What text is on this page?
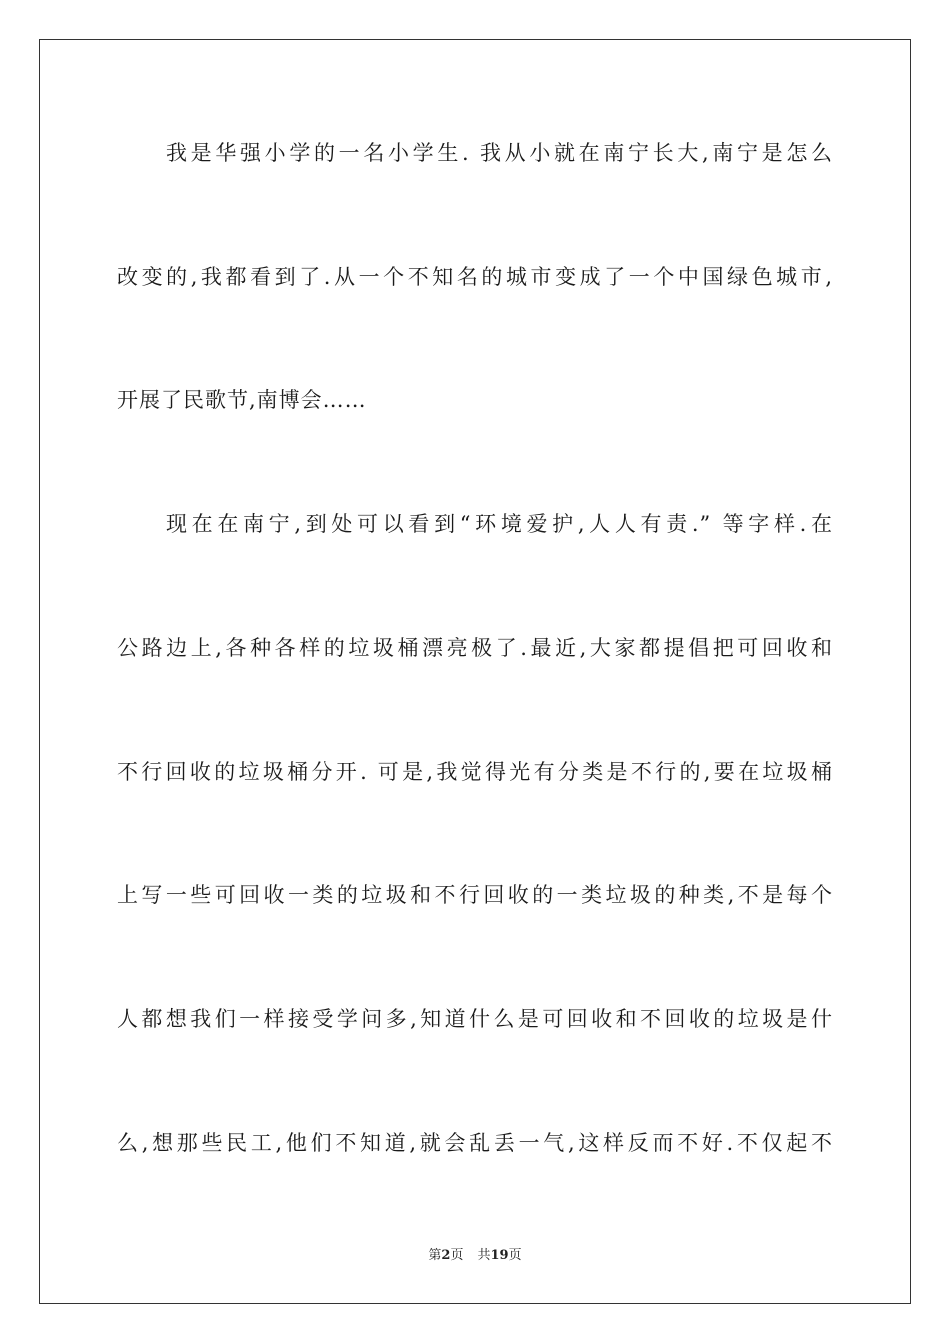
我是华强小学的一名小学生. 我从小就在南宁长大,南宁是怎么
改变的,我都看到了.从一个不知名的城市变成了一个中国绿色城市,
开展了民歌节,南博会……
现在在南宁,到处可以看到“环境爱护,人人有责.” 等字样.在
公路边上,各种各样的垃圾桶漂亮极了.最近,大家都提倡把可回收和
不行回收的垃圾桶分开. 可是,我觉得光有分类是不行的,要在垃圾桶
上写一些可回收一类的垃圾和不行回收的一类垃圾的种类,不是每个
人都想我们一样接受学问多,知道什么是可回收和不回收的垃圾是什
么,想那些民工,他们不知道,就会乱丢一气,这样反而不好.不仅起不
第2页 共19页
